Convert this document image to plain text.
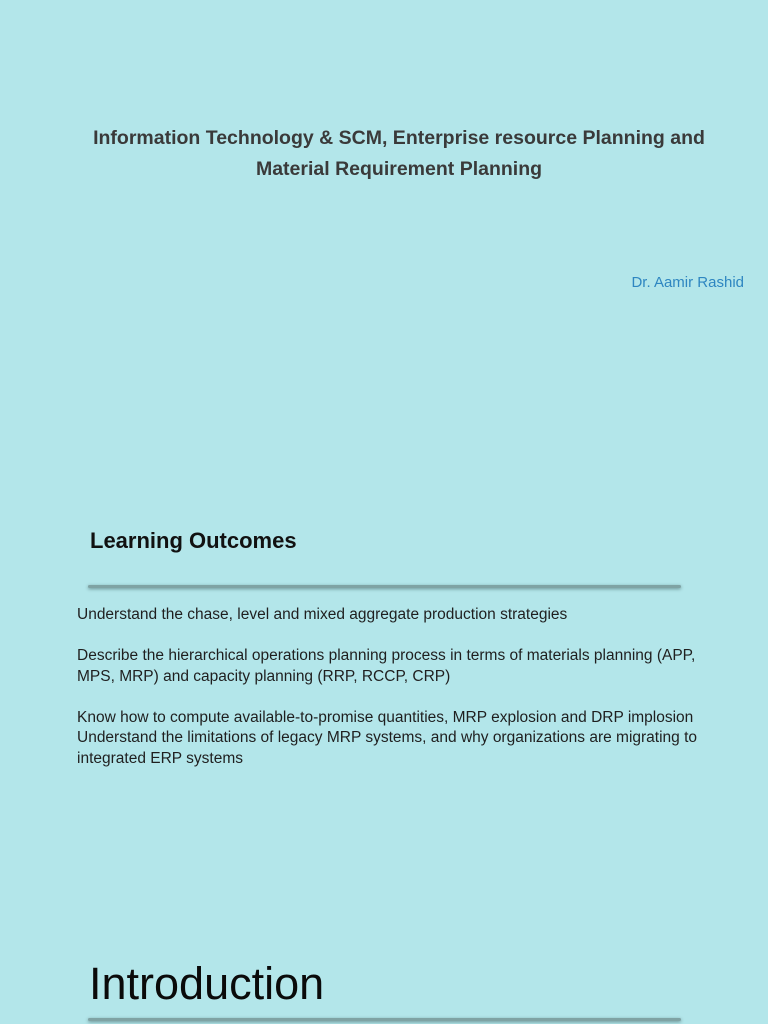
Information Technology & SCM, Enterprise resource Planning and
Material Requirement Planning
Dr. Aamir Rashid
Learning Outcomes

Understand the chase, level and mixed aggregate production strategies

Describe the hierarchical operations planning process in terms of materials planning (APP, MPS, MRP) and capacity planning (RRP, RCCP, CRP)

Know how to compute available-to-promise quantities, MRP explosion and DRP implosion

Understand the limitations of legacy MRP systems, and why organizations are migrating to integrated ERP systems

Introduction
